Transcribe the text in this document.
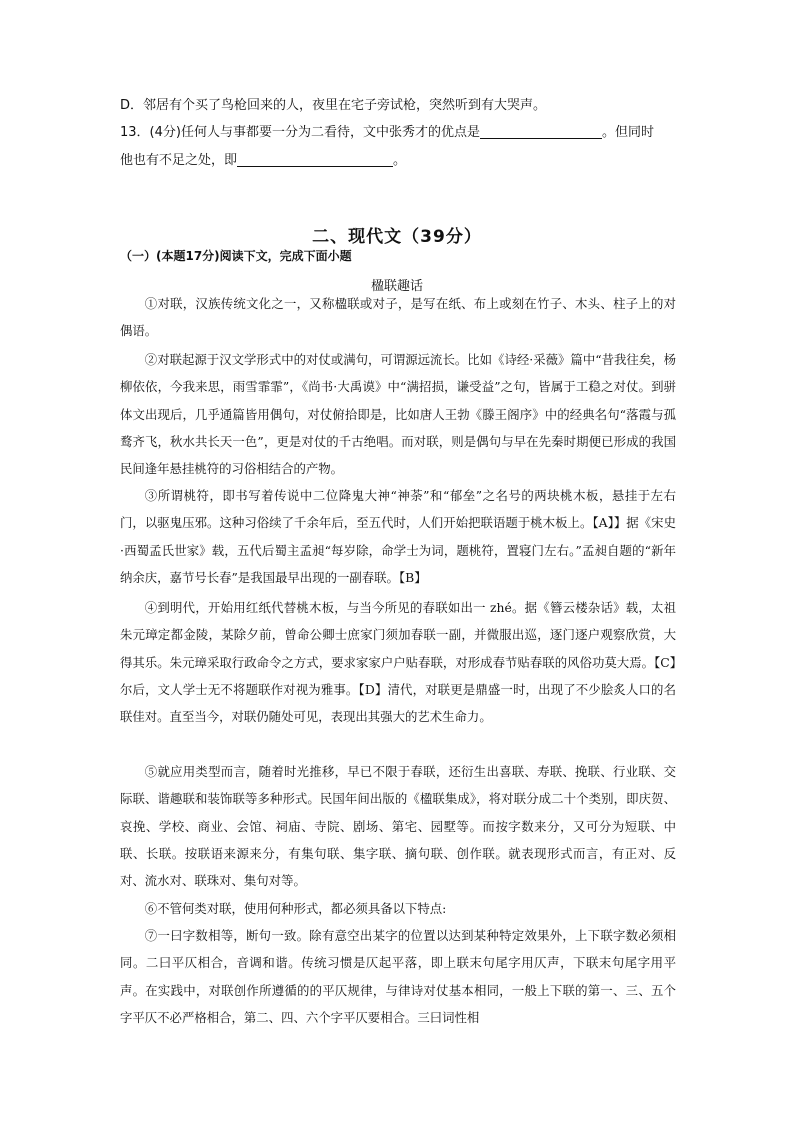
D．邻居有个买了鸟枪回来的人，夜里在宅子旁试枪，突然听到有大哭声。
13．(4分)任何人与事都要一分为二看待，文中张秀才的优点是	。但同时
他也有不足之处，即	。
二、现代文（39分）
（一）(本题17分)阅读下文，完成下面小题
楹联趣话

①对联，汉族传统文化之一，又称楹联或对子，是写在纸、布上或刻在竹子、木头、柱子上的对偶语。

②对联起源于汉文学形式中的对仗或满句，可谓源远流长。比如《诗经·采薇》篇中“昔我往矣，杨柳依依，今我来思，雨雪霏霏”，《尚书·大禹谟》中“满招损，谦受益”之句，皆属于工稳之对仗。到骈体文出现后，几乎通篇皆用偶句，对仗俯拾即是，比如唐人王勃《滕王阁序》中的经典名句“落霞与孤鹜齐飞，秋水共长天一色”，更是对仗的千古绝唱。而对联，则是偶句与早在先秦时期便已形成的我国民间逢年悬挂桃符的习俗相结合的产物。

③所谓桃符，即书写着传说中二位降鬼大神“神荼”和“郁垒”之名号的两块桃木板，悬挂于左右门，以驱鬼压邪。这种习俗续了千余年后，至五代时，人们开始把联语题于桃木板上。【A】】据《宋史·西蜀孟氏世家》载，五代后蜀主孟昶“每岁除，命学士为词，题桃符，置寝门左右。”孟昶自题的“新年纳余庆，嘉节号长春”是我国最早出现的一副春联。【B】

④到明代，开始用红纸代替桃木板，与当今所见的春联如出一 zhé。据《簪云楼杂话》载，太祖朱元璋定都金陵，某除夕前，曾命公卿士庶家门须加春联一副，并微服出巡，逐门逐户观察欣赏，大得其乐。朱元璋采取行政命令之方式，要求家家户户贴春联，对形成春节贴春联的风俗功莫大焉。【C】尔后，文人学士无不将题联作对视为雅事。【D】清代，对联更是鼎盛一时，出现了不少脍炙人口的名联佳对。直至当今，对联仍随处可见，表现出其强大的艺术生命力。

⑤就应用类型而言，随着时光推移，早已不限于春联，还衍生出喜联、寿联、挽联、行业联、交际联、谐趣联和装饰联等多种形式。民国年间出版的《楹联集成》，将对联分成二十个类别，即庆贺、哀挽、学校、商业、会馆、祠庙、寺院、剧场、第宅、园墅等。而按字数来分，又可分为短联、中联、长联。按联语来源来分，有集句联、集字联、摘句联、创作联。就表现形式而言，有正对、反对、流水对、联珠对、集句对等。

⑥不管何类对联，使用何种形式，都必须具备以下特点:

⑦一曰字数相等，断句一致。除有意空出某字的位置以达到某种特定效果外，上下联字数必须相同。二曰平仄相合，音调和谐。传统习惯是仄起平落，即上联末句尾字用仄声，下联末句尾字用平声。在实践中，对联创作所遵循的的平仄规律，与律诗对仗基本相同，一般上下联的第一、三、五个字平仄不必严格相合，第二、四、六个字平仄要相合。三曰词性相
